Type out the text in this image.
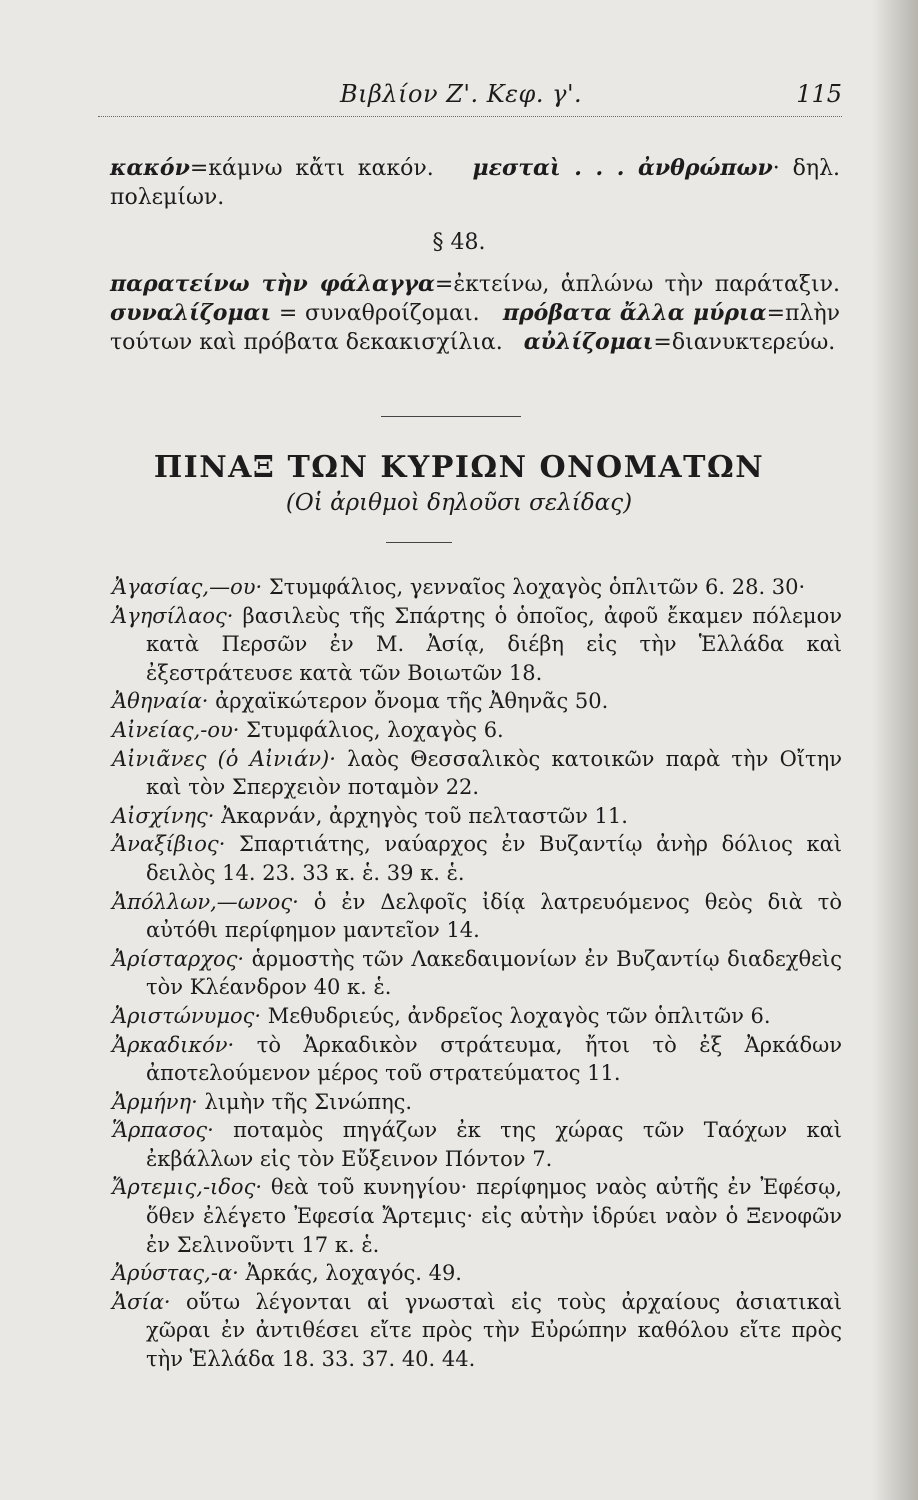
Βιβλίον Ζ'. Κεφ. γ'.	115
κακόν=κάμνω κἄτι κακόν. μεσταὶ . . . ἀνθρώπων· δηλ. πολεμίων.
§ 48.
παρατείνω τὴν φάλαγγα=ἐκτείνω, ἁπλώνω τὴν παράταξιν. συναλίζομαι = συναθροίζομαι. πρόβατα ἄλλα μύρια=πλὴν τούτων καὶ πρόβατα δεκακισχίλια. αὐλίζομαι=διανυκτερεύω.
ΠΙΝΑΞ ΤΩΝ ΚΥΡΙΩΝ ΟΝΟΜΑΤΩΝ
(Οἱ ἀριθμοὶ δηλοῦσι σελίδας)
Ἀγασίας,—ου· Στυμφάλιος, γενναῖος λοχαγὸς ὁπλιτῶν 6. 28. 30·
Ἀγησίλαος· βασιλεὺς τῆς Σπάρτης ὁ ὁποῖος, ἀφοῦ ἔκαμεν πόλεμον κατὰ Περσῶν ἐν Μ. Ἀσίᾳ, διέβη εἰς τὴν Ἑλλάδα καὶ ἐξεστράτευσε κατὰ τῶν Βοιωτῶν 18.
Ἀθηναία· ἀρχαϊκώτερον ὄνομα τῆς Ἀθηνᾶς 50.
Αἰνείας,-ου· Στυμφάλιος, λοχαγὸς 6.
Αἰνιᾶνες (ὁ Αἰνιάν)· λαὸς Θεσσαλικὸς κατοικῶν παρὰ τὴν Οἴτην καὶ τὸν Σπερχειὸν ποταμὸν 22.
Αἰσχίνης· Ἀκαρνάν, ἀρχηγὸς τοῦ πελταστῶν 11.
Ἀναξίβιος· Σπαρτιάτης, ναύαρχος ἐν Βυζαντίῳ ἀνὴρ δόλιος καὶ δειλὸς 14. 23. 33 κ. ἑ. 39 κ. ἑ.
Ἀπόλλων,—ωνος· ὁ ἐν Δελφοῖς ἰδίᾳ λατρευόμενος θεὸς διὰ τὸ αὐτόθι περίφημον μαντεῖον 14.
Ἀρίσταρχος· ἁρμοστὴς τῶν Λακεδαιμονίων ἐν Βυζαντίῳ διαδεχθεὶς τὸν Κλέανδρον 40 κ. ἑ.
Ἀριστώνυμος· Μεθυδριεύς, ἀνδρεῖος λοχαγὸς τῶν ὁπλιτῶν 6.
Ἀρκαδικόν· τὸ Ἀρκαδικὸν στράτευμα, ἤτοι τὸ ἐξ Ἀρκάδων ἀποτελούμενον μέρος τοῦ στρατεύματος 11.
Ἀρμήνη· λιμὴν τῆς Σινώπης.
Ἅρπασος· ποταμὸς πηγάζων ἐκ της χώρας τῶν Ταόχων καὶ ἐκβάλλων εἰς τὸν Εὔξεινον Πόντον 7.
Ἄρτεμις,-ιδος· θεὰ τοῦ κυνηγίου· περίφημος ναὸς αὐτῆς ἐν Ἐφέσῳ, ὅθεν ἐλέγετο Ἐφεσία Ἄρτεμις· εἰς αὐτὴν ἱδρύει ναὸν ὁ Ξενοφῶν ἐν Σελινοῦντι 17 κ. ἑ.
Ἀρύστας,-α· Ἀρκάς, λοχαγός. 49.
Ἀσία· οὕτω λέγονται αἱ γνωσταὶ εἰς τοὺς ἀρχαίους ἀσιατικαὶ χῶραι ἐν ἀντιθέσει εἴτε πρὸς τὴν Εὐρώπην καθόλου εἴτε πρὸς τὴν Ἑλλάδα 18. 33. 37. 40. 44.
